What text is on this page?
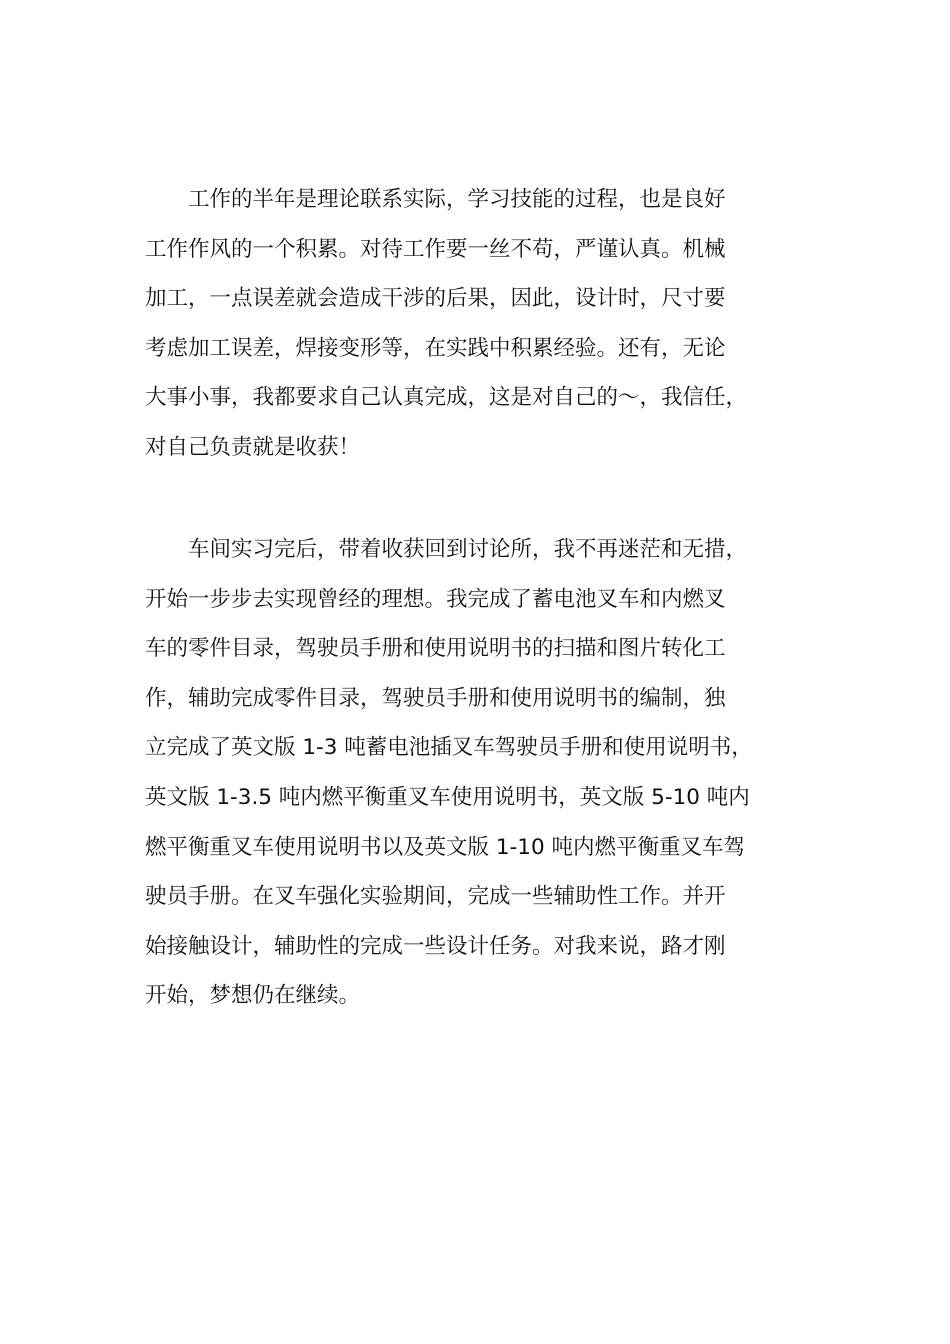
　　工作的半年是理论联系实际，学习技能的过程，也是良好
工作作风的一个积累。对待工作要一丝不苟，严谨认真。机械
加工，一点误差就会造成干涉的后果，因此，设计时，尺寸要
考虑加工误差，焊接变形等，在实践中积累经验。还有，无论
大事小事，我都要求自己认真完成，这是对自己的～，我信任，
对自己负责就是收获！
　　车间实习完后，带着收获回到讨论所，我不再迷茫和无措，
开始一步步去实现曾经的理想。我完成了蓄电池叉车和内燃叉
车的零件目录，驾驶员手册和使用说明书的扫描和图片转化工
作，辅助完成零件目录，驾驶员手册和使用说明书的编制，独
立完成了英文版 1-3 吨蓄电池插叉车驾驶员手册和使用说明书，
英文版 1-3.5 吨内燃平衡重叉车使用说明书，英文版 5-10 吨内
燃平衡重叉车使用说明书以及英文版 1-10 吨内燃平衡重叉车驾
驶员手册。在叉车强化实验期间，完成一些辅助性工作。并开
始接触设计，辅助性的完成一些设计任务。对我来说，路才刚
开始，梦想仍在继续。
